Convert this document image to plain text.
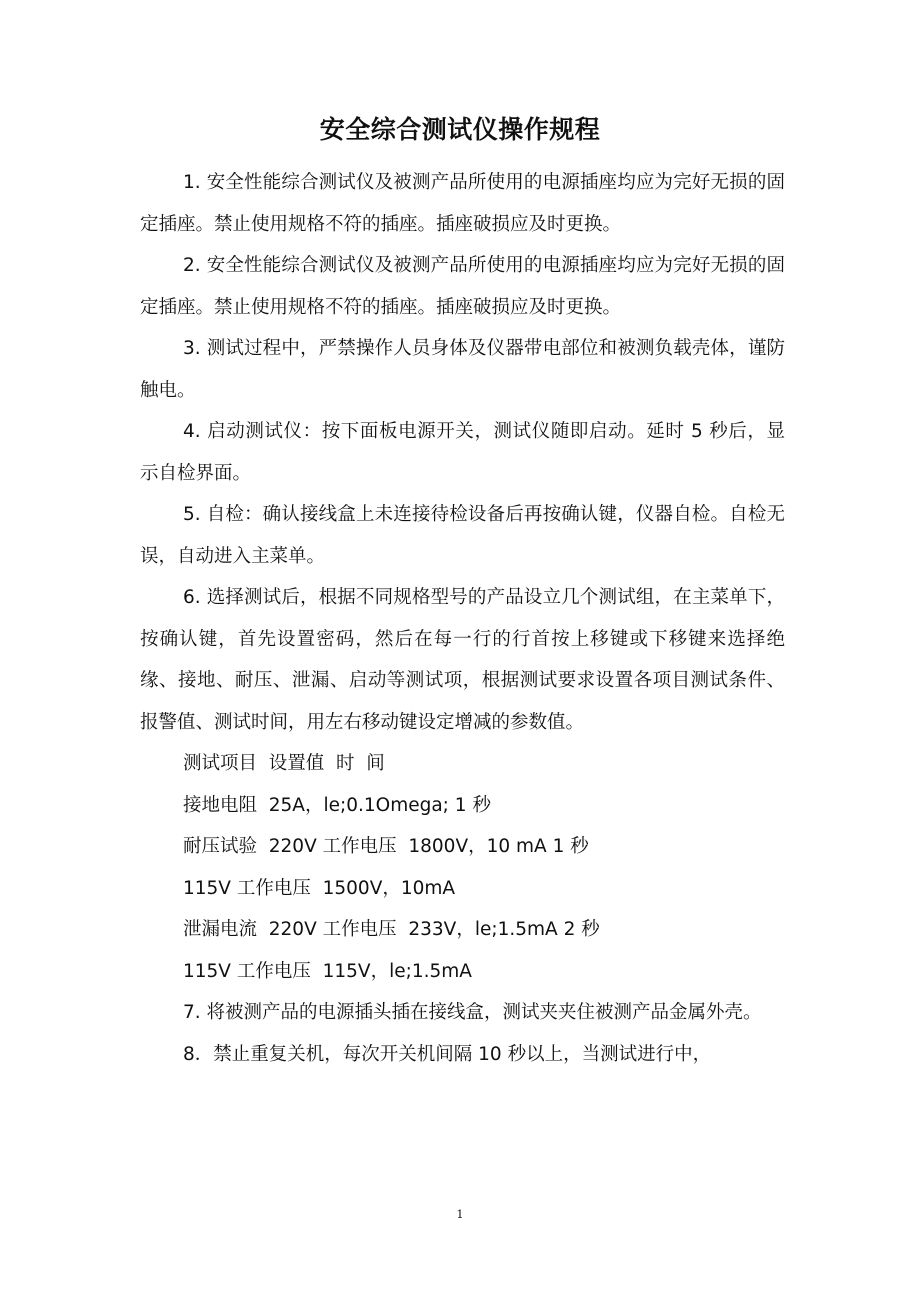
安全综合测试仪操作规程

1. 安全性能综合测试仪及被测产品所使用的电源插座均应为完好无损的固定插座。禁止使用规格不符的插座。插座破损应及时更换。

2. 安全性能综合测试仪及被测产品所使用的电源插座均应为完好无损的固定插座。禁止使用规格不符的插座。插座破损应及时更换。

3. 测试过程中，严禁操作人员身体及仪器带电部位和被测负载壳体，谨防触电。

4. 启动测试仪：按下面板电源开关，测试仪随即启动。延时 5 秒后，显示自检界面。

5. 自检：确认接线盒上未连接待检设备后再按确认键，仪器自检。自检无误，自动进入主菜单。

6. 选择测试后，根据不同规格型号的产品设立几个测试组，在主菜单下，按确认键，首先设置密码，然后在每一行的行首按上移键或下移键来选择绝缘、接地、耐压、泄漏、启动等测试项，根据测试要求设置各项目测试条件、报警值、测试时间，用左右移动键设定增减的参数值。

测试项目  设置值  时  间

接地电阻  25A，le;0.1Omega; 1 秒

耐压试验  220V 工作电压  1800V，10 mA 1 秒

115V 工作电压  1500V，10mA

泄漏电流  220V 工作电压  233V，le;1.5mA 2 秒

115V 工作电压  115V，le;1.5mA

7. 将被测产品的电源插头插在接线盒，测试夹夹住被测产品金属外壳。

8．禁止重复关机，每次开关机间隔 10 秒以上，当测试进行中，

1
